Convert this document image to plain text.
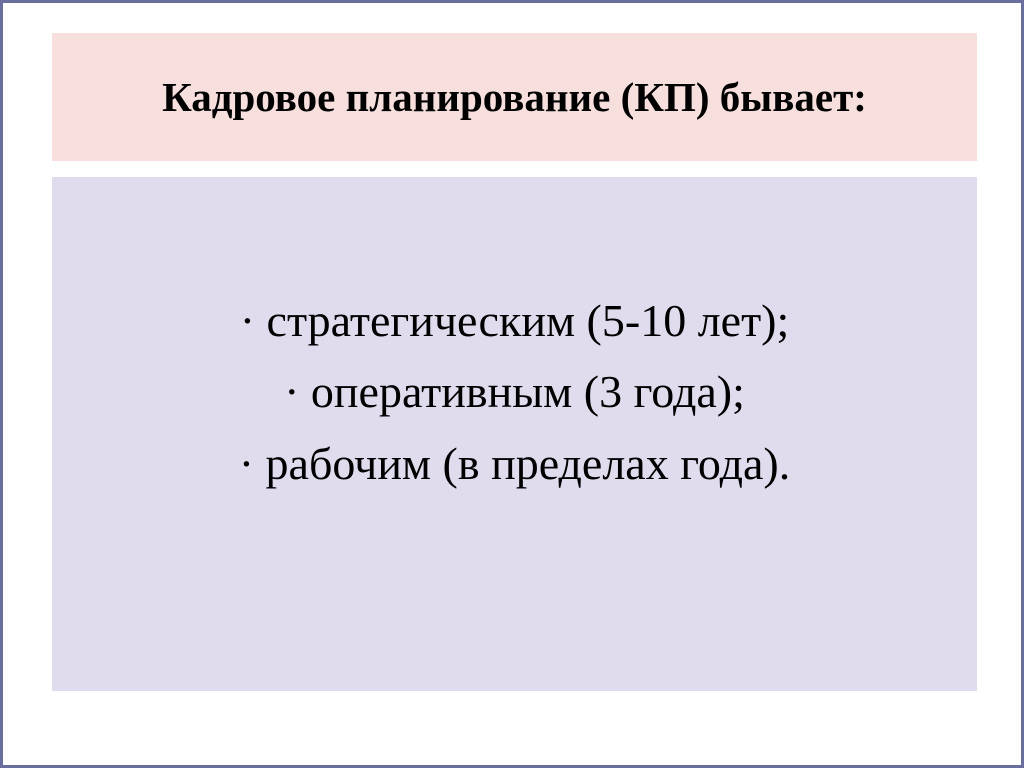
Кадровое планирование (КП) бывает:
· стратегическим (5-10 лет);
· оперативным (3 года);
· рабочим (в пределах года).
